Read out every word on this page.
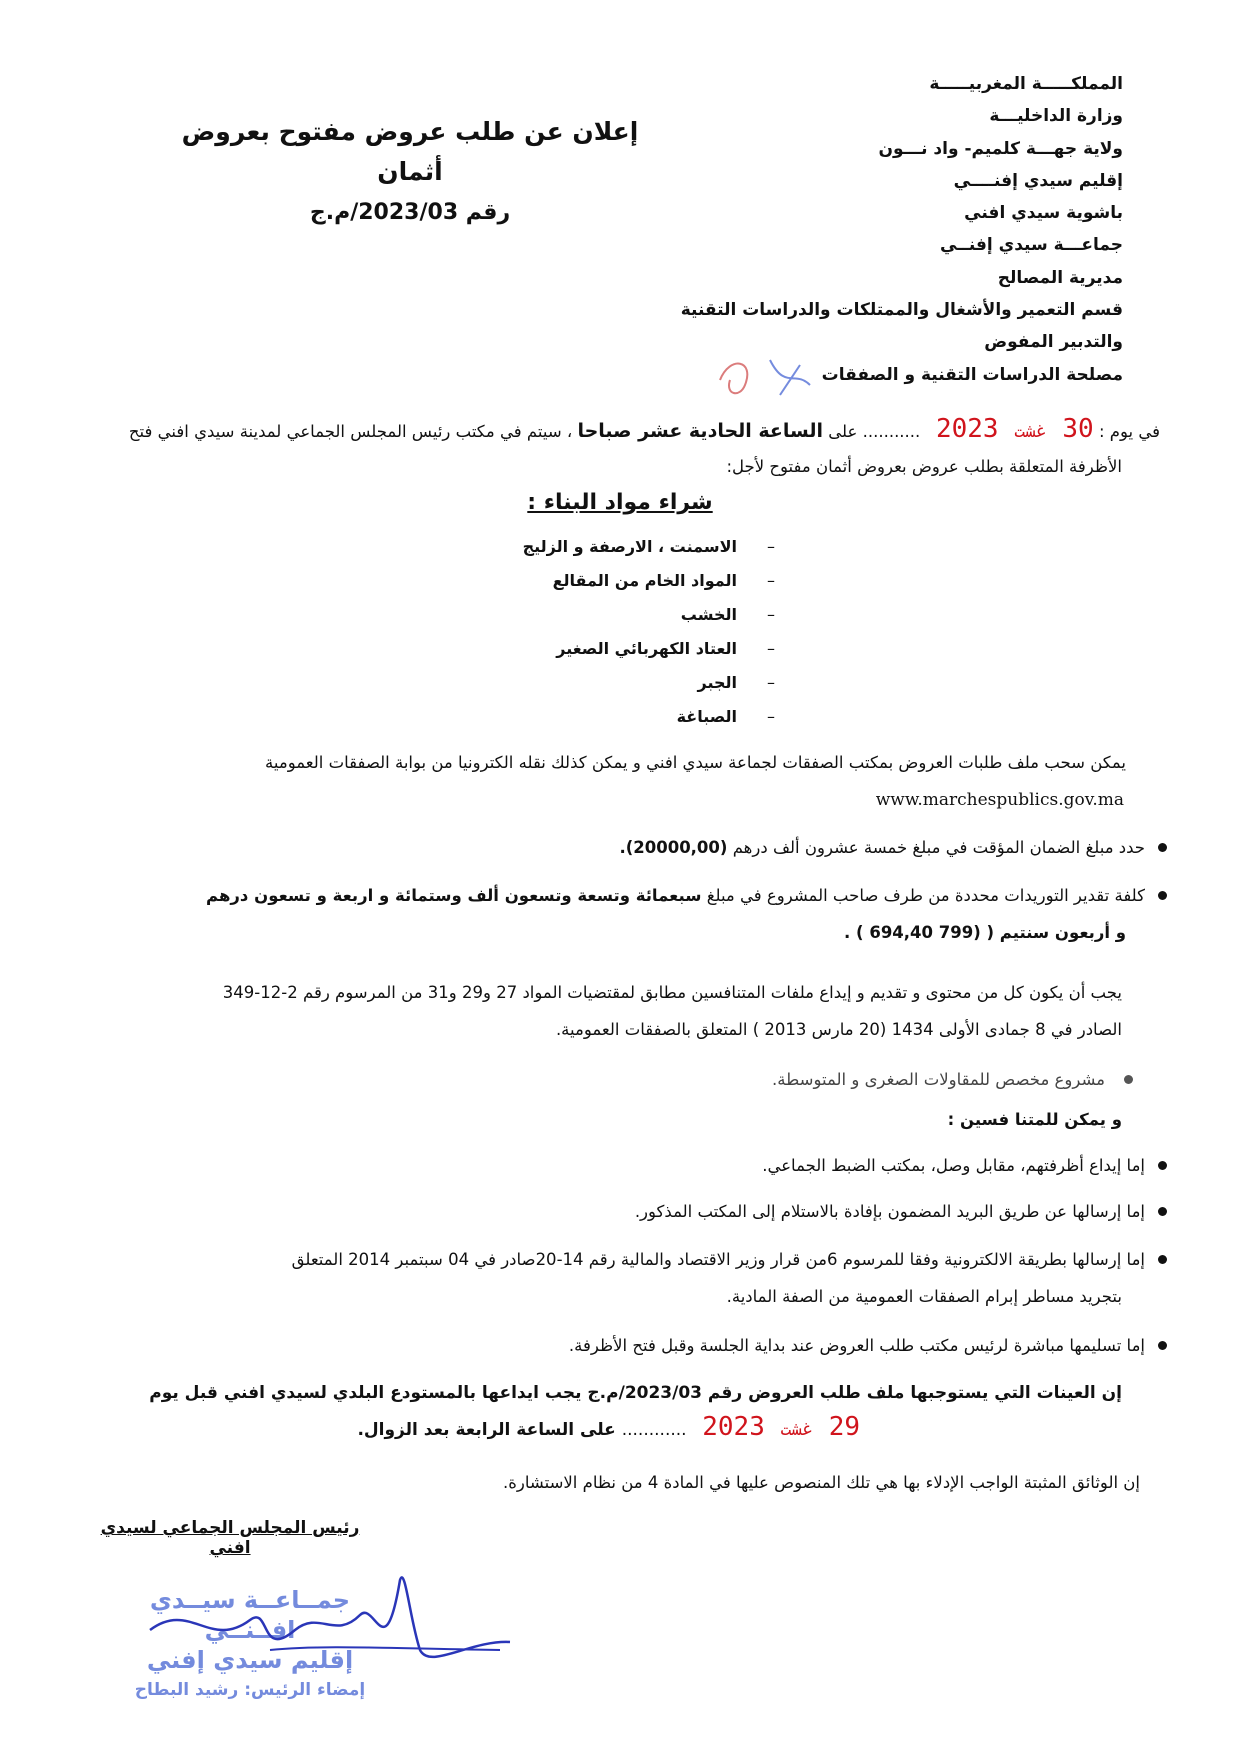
المملكـــــة المغربيـــــة
وزارة الداخليـــة
ولاية جهـــة كلميم- واد نـــون
إقليم سيدي إفنــــي
باشوية سيدي افني
جماعـــة سيدي إفنــي
مديرية المصالح
قسم التعمير والأشغال والممتلكات والدراسات التقنية
والتدبير المفوض
مصلحة الدراسات التقنية و الصفقات
إعلان عن طلب عروض مفتوح بعروض أثمان
رقم 2023/03/م.ج
في يوم : 30 غشت 2023 ........... على الساعة الحادية عشر صباحا ، سيتم في مكتب رئيس المجلس الجماعي لمدينة سيدي افني فتح
الأظرفة المتعلقة بطلب عروض بعروض أثمان مفتوح لأجل:
شراء مواد البناء :
–الاسمنت ، الارصفة و الزليج
–المواد الخام من المقالع
–الخشب
–العتاد الكهربائي الصغير
–الجبر
–الصباغة
يمكن سحب ملف طلبات العروض بمكتب الصفقات لجماعة سيدي افني و يمكن كذلك نقله الكترونيا من بوابة الصفقات العمومية
www.marchespublics.gov.ma
حدد مبلغ الضمان المؤقت في مبلغ خمسة عشرون ألف درهم (20000,00).
كلفة تقدير التوريدات محددة من طرف صاحب المشروع في مبلغ سبعمائة وتسعة وتسعون ألف وستمائة و اربعة و تسعون درهم
و أربعون سنتيم ( (799 694,40 ) .
يجب أن يكون كل من محتوى و تقديم و إيداع ملفات المتنافسين مطابق لمقتضيات المواد 27 و29 و31 من المرسوم رقم 2-12-349
الصادر في 8 جمادى الأولى 1434 (20 مارس 2013 ) المتعلق بالصفقات العمومية.
مشروع مخصص للمقاولات الصغرى و المتوسطة.
و يمكن للمتنا فسين :
إما إيداع أظرفتهم، مقابل وصل، بمكتب الضبط الجماعي.
إما إرسالها عن طريق البريد المضمون بإفادة بالاستلام إلى المكتب المذكور.
إما إرسالها بطريقة الالكترونية وفقا للمرسوم 6من قرار وزير الاقتصاد والمالية رقم 14-20صادر في 04 سبتمبر 2014 المتعلق
بتجريد مساطر إبرام الصفقات العمومية من الصفة المادية.
إما تسليمها مباشرة لرئيس مكتب طلب العروض عند بداية الجلسة وقبل فتح الأظرفة.
إن العينات التي يستوجبها ملف طلب العروض رقم 2023/03/م.ج يجب ايداعها بالمستودع البلدي لسيدي افني قبل يوم
29 غشت 2023 ............ على الساعة الرابعة بعد الزوال.
إن الوثائق المثبتة الواجب الإدلاء بها هي تلك المنصوص عليها في المادة 4 من نظام الاستشارة.
رئيس المجلس الجماعي لسيدي افني
جمــاعــة سيــدي افــنــي
إقليم سيدي إفني
إمضاء الرئيس: رشيد البطاح
